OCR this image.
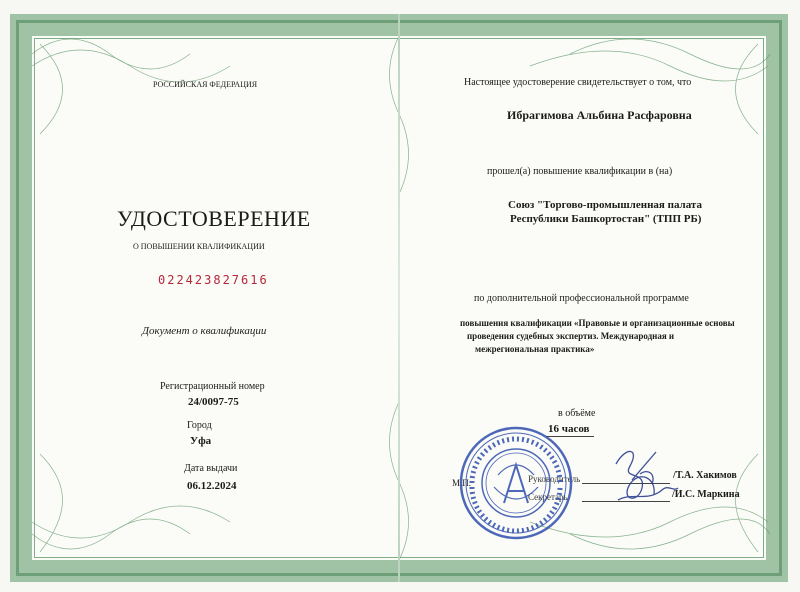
РОССИЙСКАЯ ФЕДЕРАЦИЯ
УДОСТОВЕРЕНИЕ
О ПОВЫШЕНИИ КВАЛИФИКАЦИИ
022423827616
Документ о квалификации
Регистрационный номер
24/0097-75
Город
Уфа
Дата выдачи
06.12.2024
Настоящее удостоверение свидетельствует о том, что
Ибрагимова Альбина Расфаровна
прошел(а) повышение квалификации в (на)
Союз "Торгово-промышленная палата
Республики Башкортостан" (ТПП РБ)
по дополнительной профессиональной программе
повышения квалификации «Правовые и организационные основы
проведения судебных экспертиз. Международная и
межрегиональная практика»
в объёме
16 часов
М.П.	Руководитель
Секретарь
/Т.А. Хакимов
/И.С. Маркина
